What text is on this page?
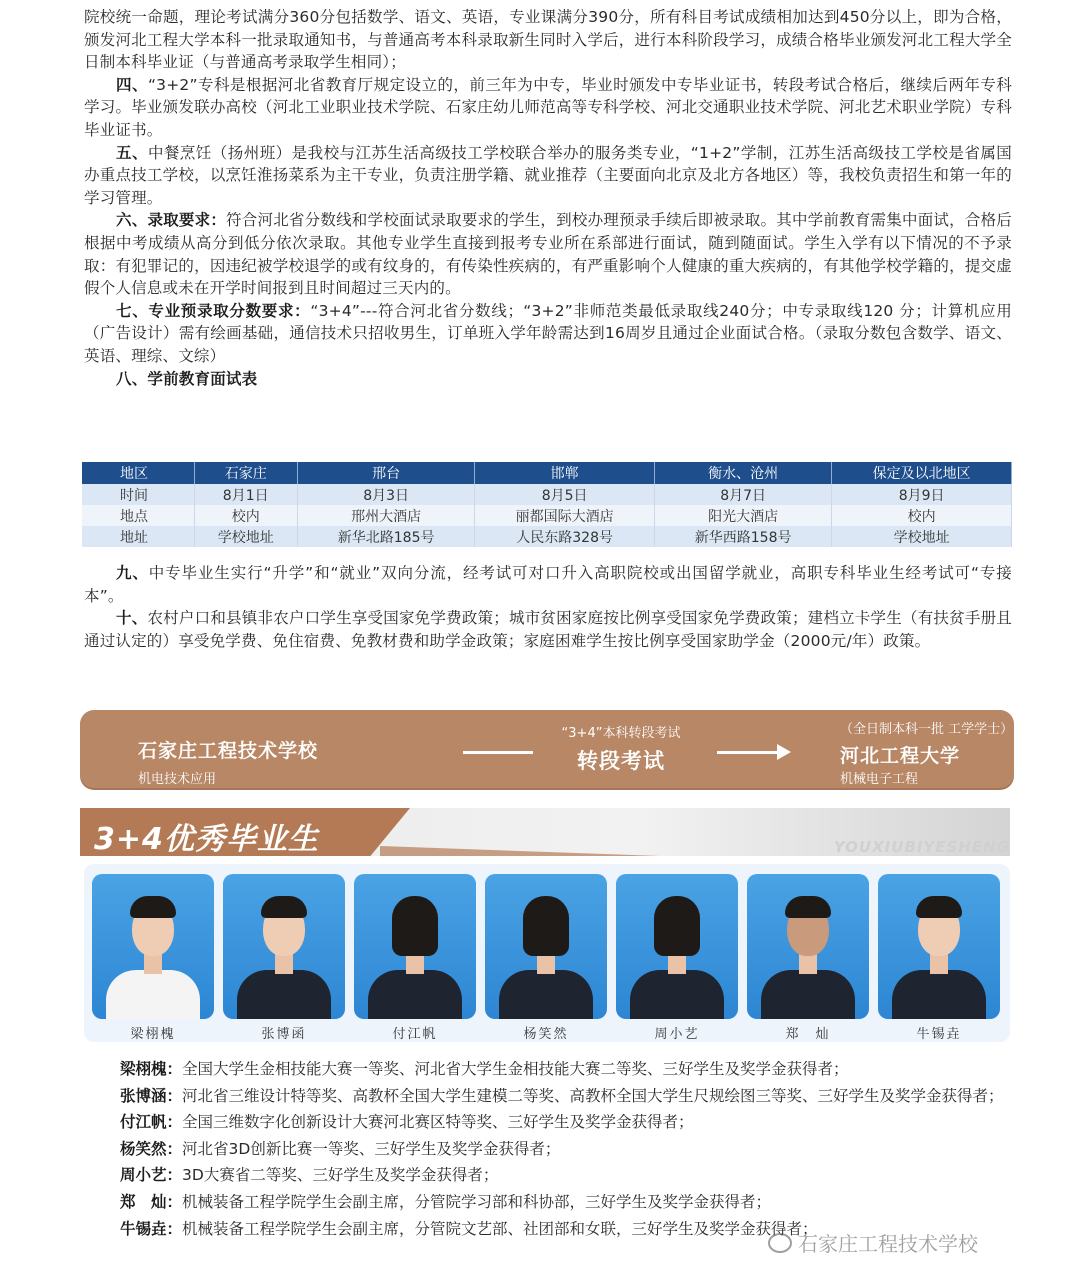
院校统一命题，理论考试满分360分包括数学、语文、英语，专业课满分390分，所有科目考试成绩相加达到450分以上，即为合格，颁发河北工程大学本科一批录取通知书，与普通高考本科录取新生同时入学后，进行本科阶段学习，成绩合格毕业颁发河北工程大学全日制本科毕业证（与普通高考录取学生相同）；

四、“3+2”专科是根据河北省教育厅规定设立的，前三年为中专，毕业时颁发中专毕业证书，转段考试合格后，继续后两年专科学习。毕业颁发联办高校（河北工业职业技术学院、石家庄幼儿师范高等专科学校、河北交通职业技术学院、河北艺术职业学院）专科毕业证书。

五、中餐烹饪（扬州班）是我校与江苏生活高级技工学校联合举办的服务类专业，“1+2”学制，江苏生活高级技工学校是省属国办重点技工学校，以烹饪淮扬菜系为主干专业，负责注册学籍、就业推荐（主要面向北京及北方各地区）等，我校负责招生和第一年的学习管理。

六、录取要求：符合河北省分数线和学校面试录取要求的学生，到校办理预录手续后即被录取。其中学前教育需集中面试，合格后根据中考成绩从高分到低分依次录取。其他专业学生直接到报考专业所在系部进行面试，随到随面试。学生入学有以下情况的不予录取：有犯罪记的，因违纪被学校退学的或有纹身的，有传染性疾病的，有严重影响个人健康的重大疾病的，有其他学校学籍的，提交虚假个人信息或未在开学时间报到且时间超过三天内的。

七、专业预录取分数要求：“3+4”---符合河北省分数线；“3+2”非师范类最低录取线240分；中专录取线120 分；计算机应用（广告设计）需有绘画基础，通信技术只招收男生，订单班入学年龄需达到16周岁且通过企业面试合格。（录取分数包含数学、语文、英语、理综、文综）

八、学前教育面试表

地区	石家庄	邢台	邯郸	衡水、沧州	保定及以北地区
时间	8月1日	8月3日	8月5日	8月7日	8月9日
地点	校内	邢州大酒店	丽都国际大酒店	阳光大酒店	校内
地址	学校地址	新华北路185号	人民东路328号	新华西路158号	学校地址

九、中专毕业生实行“升学”和“就业”双向分流，经考试可对口升入高职院校或出国留学就业，高职专科毕业生经考试可“专接本”。

十、农村户口和县镇非农户口学生享受国家免学费政策；城市贫困家庭按比例享受国家免学费政策；建档立卡学生（有扶贫手册且通过认定的）享受免学费、免住宿费、免教材费和助学金政策；家庭困难学生按比例享受国家助学金（2000元/年）政策。

石家庄工程技术学校
机电技术应用
“3+4”本科转段考试
转段考试
（全日制本科一批 工学学士）
河北工程大学
机械电子工程
3+4优秀毕业生	YOUXIUBIYESHENG
梁栩槐	张博函	付江帆	杨笑然	周小艺	郑　灿	牛锡垚

梁栩槐：全国大学生金相技能大赛一等奖、河北省大学生金相技能大赛二等奖、三好学生及奖学金获得者；

张博涵：河北省三维设计特等奖、高教杯全国大学生建模二等奖、高教杯全国大学生尺规绘图三等奖、三好学生及奖学金获得者；

付江帆：全国三维数字化创新设计大赛河北赛区特等奖、三好学生及奖学金获得者；

杨笑然：河北省3D创新比赛一等奖、三好学生及奖学金获得者；

周小艺：3D大赛省二等奖、三好学生及奖学金获得者；

郑　灿：机械装备工程学院学生会副主席，分管院学习部和科协部，三好学生及奖学金获得者；

牛锡垚：机械装备工程学院学生会副主席，分管院文艺部、社团部和女联，三好学生及奖学金获得者；

石家庄工程技术学校
